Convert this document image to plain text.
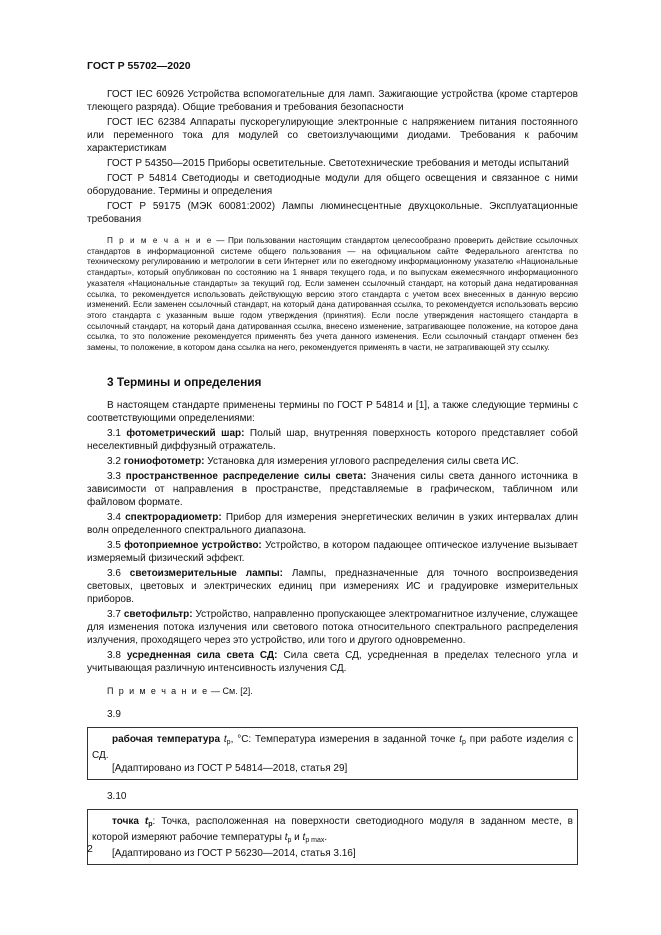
ГОСТ Р 55702—2020

ГОСТ IEC 60926 Устройства вспомогательные для ламп. Зажигающие устройства (кроме стартеров тлеющего разряда). Общие требования и требования безопасности

ГОСТ IEC 62384 Аппараты пускорегулирующие электронные с напряжением питания постоянного или переменного тока для модулей со светоизлучающими диодами. Требования к рабочим характеристикам

ГОСТ Р 54350—2015 Приборы осветительные. Светотехнические требования и методы испытаний

ГОСТ Р 54814 Светодиоды и светодиодные модули для общего освещения и связанное с ними оборудование. Термины и определения

ГОСТ Р 59175 (МЭК 60081:2002) Лампы люминесцентные двухцокольные. Эксплуатационные требования

П р и м е ч а н и е — При пользовании настоящим стандартом целесообразно проверить действие ссылочных стандартов в информационной системе общего пользования — на официальном сайте Федерального агентства по техническому регулированию и метрологии в сети Интернет или по ежегодному информационному указателю «Национальные стандарты», который опубликован по состоянию на 1 января текущего года, и по выпускам ежемесячного информационного указателя «Национальные стандарты» за текущий год. Если заменен ссылочный стандарт, на который дана недатированная ссылка, то рекомендуется использовать действующую версию этого стандарта с учетом всех внесенных в данную версию изменений. Если заменен ссылочный стандарт, на который дана датированная ссылка, то рекомендуется использовать версию этого стандарта с указанным выше годом утверждения (принятия). Если после утверждения настоящего стандарта в ссылочный стандарт, на который дана датированная ссылка, внесено изменение, затрагивающее положение, на которое дана ссылка, то это положение рекомендуется применять без учета данного изменения. Если ссылочный стандарт отменен без замены, то положение, в котором дана ссылка на него, рекомендуется применять в части, не затрагивающей эту ссылку.

3 Термины и определения

В настоящем стандарте применены термины по ГОСТ Р 54814 и [1], а также следующие термины с соответствующими определениями:

3.1 фотометрический шар: Полый шар, внутренняя поверхность которого представляет собой неселективный диффузный отражатель.

3.2 гониофотометр: Установка для измерения углового распределения силы света ИС.

3.3 пространственное распределение силы света: Значения силы света данного источника в зависимости от направления в пространстве, представляемые в графическом, табличном или файловом формате.

3.4 спектрорадиометр: Прибор для измерения энергетических величин в узких интервалах длин волн определенного спектрального диапазона.

3.5 фотоприемное устройство: Устройство, в котором падающее оптическое излучение вызывает измеряемый физический эффект.

3.6 светоизмерительные лампы: Лампы, предназначенные для точного воспроизведения световых, цветовых и электрических единиц при измерениях ИС и градуировке измерительных приборов.

3.7 светофильтр: Устройство, направленно пропускающее электромагнитное излучение, служащее для изменения потока излучения или светового потока относительного спектрального распределения излучения, проходящего через это устройство, или того и другого одновременно.

3.8 усредненная сила света СД: Сила света СД, усредненная в пределах телесного угла и учитывающая различную интенсивность излучения СД.

П р и м е ч а н и е — См. [2].
3.9

рабочая температура $t_p$, °С: Температура измерения в заданной точке $t_p$ при работе изделия с СД.

[Адаптировано из ГОСТ Р 54814—2018, статья 29]

3.10

точка $t_p$: Точка, расположенная на поверхности светодиодного модуля в заданном месте, в которой измеряют рабочие температуры $t_p$ и $t_{p max}$.

[Адаптировано из ГОСТ Р 56230—2014, статья 3.16]

2
